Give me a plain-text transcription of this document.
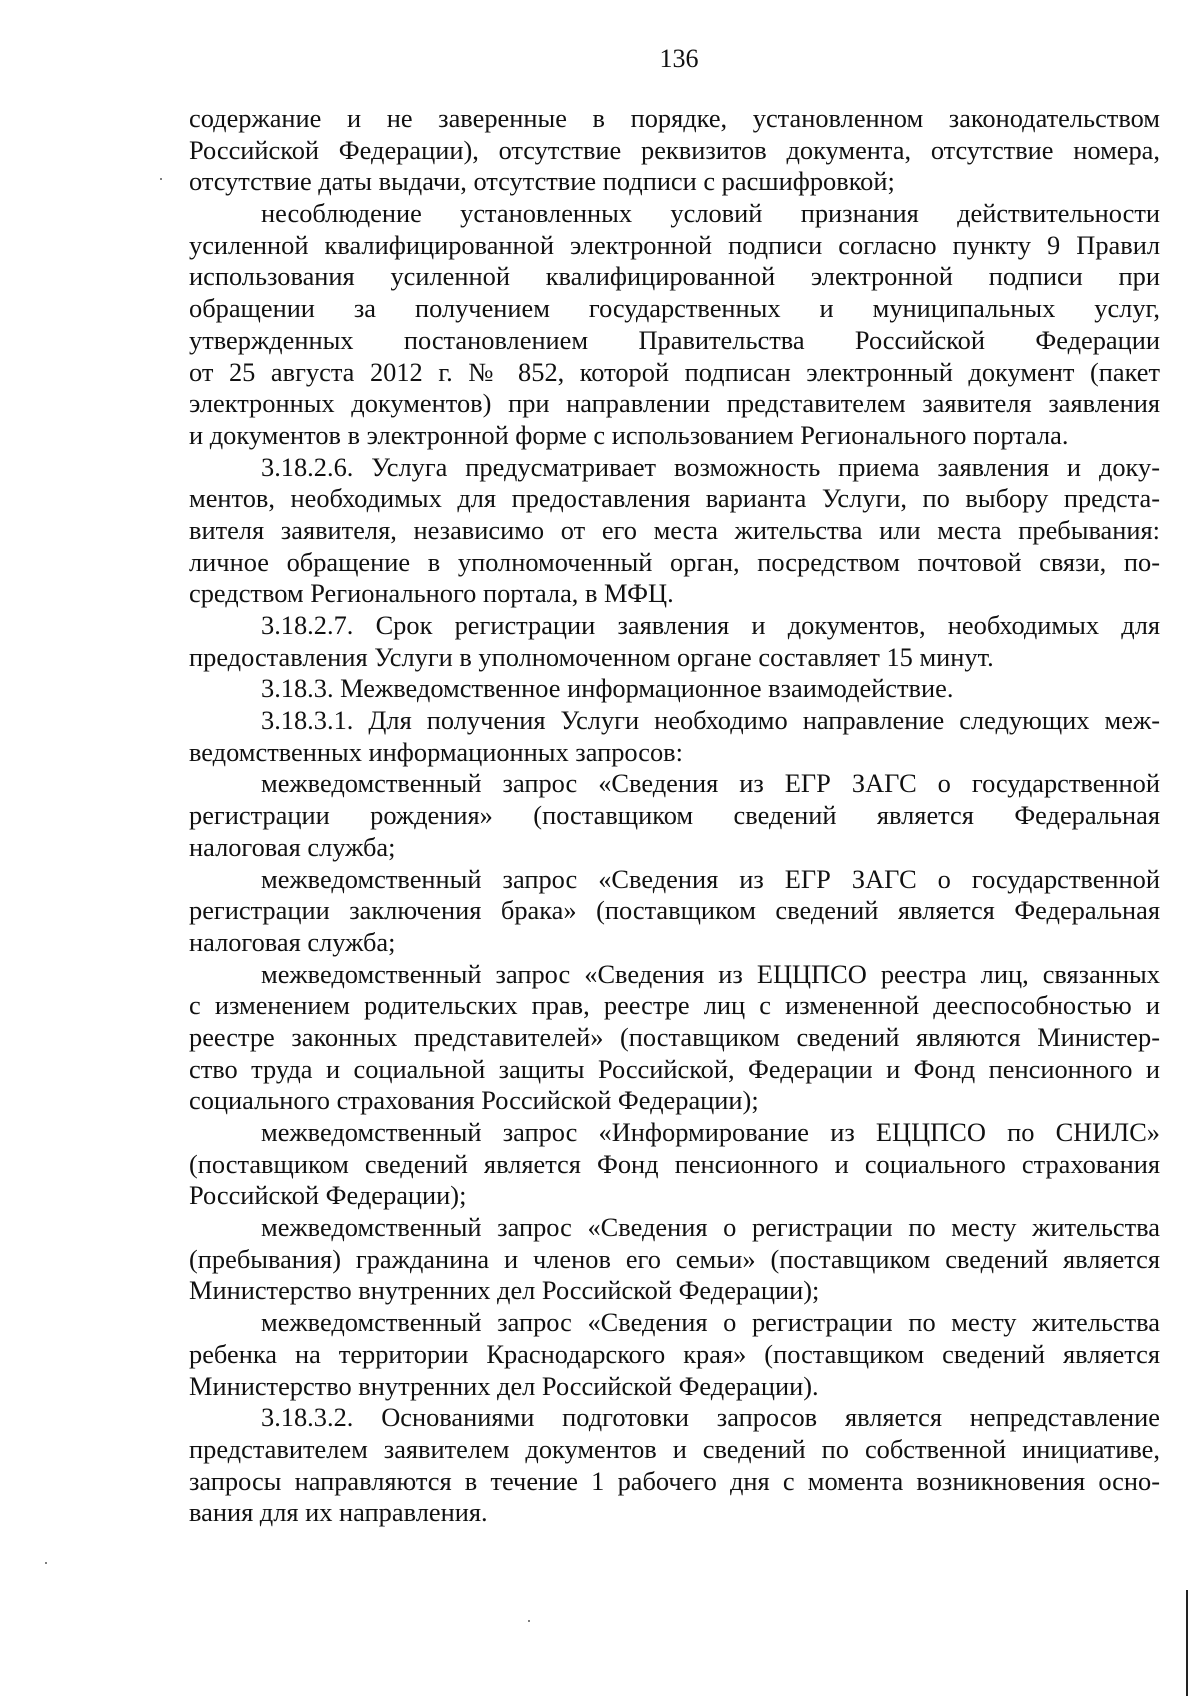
136
содержание и не заверенные в порядке, установленном законодательством
Российской Федерации), отсутствие реквизитов документа, отсутствие номера,
отсутствие даты выдачи, отсутствие подписи с расшифровкой;
несоблюдение установленных условий признания действительности
усиленной квалифицированной электронной подписи согласно пункту 9 Правил
использования усиленной квалифицированной электронной подписи при
обращении за получением государственных и муниципальных услуг,
утвержденных постановлением Правительства Российской Федерации
от 25 августа 2012 г. № 852, которой подписан электронный документ (пакет
электронных документов) при направлении представителем заявителя заявления
и документов в электронной форме с использованием Регионального портала.
3.18.2.6. Услуга предусматривает возможность приема заявления и доку-
ментов, необходимых для предоставления варианта Услуги, по выбору предста-
вителя заявителя, независимо от его места жительства или места пребывания:
личное обращение в уполномоченный орган, посредством почтовой связи, по-
средством Регионального портала, в МФЦ.
3.18.2.7. Срок регистрации заявления и документов, необходимых для
предоставления Услуги в уполномоченном органе составляет 15 минут.
3.18.3. Межведомственное информационное взаимодействие.
3.18.3.1. Для получения Услуги необходимо направление следующих меж-
ведомственных информационных запросов:
межведомственный запрос «Сведения из ЕГР ЗАГС о государственной
регистрации рождения» (поставщиком сведений является Федеральная
налоговая служба;
межведомственный запрос «Сведения из ЕГР ЗАГС о государственной
регистрации заключения брака» (поставщиком сведений является Федеральная
налоговая служба;
межведомственный запрос «Сведения из ЕЦЦПСО реестра лиц, связанных
с изменением родительских прав, реестре лиц с измененной дееспособностью и
реестре законных представителей» (поставщиком сведений являются Министер-
ство труда и социальной защиты Российской, Федерации и Фонд пенсионного и
социального страхования Российской Федерации);
межведомственный запрос «Информирование из ЕЦЦПСО по СНИЛС»
(поставщиком сведений является Фонд пенсионного и социального страхования
Российской Федерации);
межведомственный запрос «Сведения о регистрации по месту жительства
(пребывания) гражданина и членов его семьи» (поставщиком сведений является
Министерство внутренних дел Российской Федерации);
межведомственный запрос «Сведения о регистрации по месту жительства
ребенка на территории Краснодарского края» (поставщиком сведений является
Министерство внутренних дел Российской Федерации).
3.18.3.2. Основаниями подготовки запросов является непредставление
представителем заявителем документов и сведений по собственной инициативе,
запросы направляются в течение 1 рабочего дня с момента возникновения осно-
вания для их направления.
